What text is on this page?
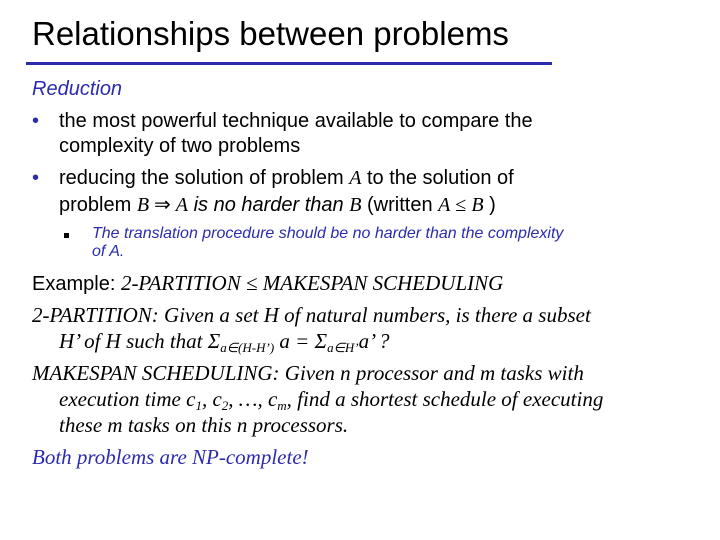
Relationships between problems
Reduction
• the most powerful technique available to compare the
complexity of two problems
• reducing the solution of problem A to the solution of
problem B ⇒ A is no harder than B (written A ≤ B )
The translation procedure should be no harder than the complexity
of A.
Example: 2-PARTITION ≤ MAKESPAN SCHEDULING
2-PARTITION: Given a set H of natural numbers, is there a subset
H’ of H such that $\Sigma_{a\in(H-H’)}$ $a = \Sigma_{a\in H’}a$’ ?
MAKESPAN SCHEDULING: Given n processor and m tasks with
execution time $c_1$, $c_2$, …, $c_m$, find a shortest schedule of executing
these m tasks on this n processors.
Both problems are NP-complete!
